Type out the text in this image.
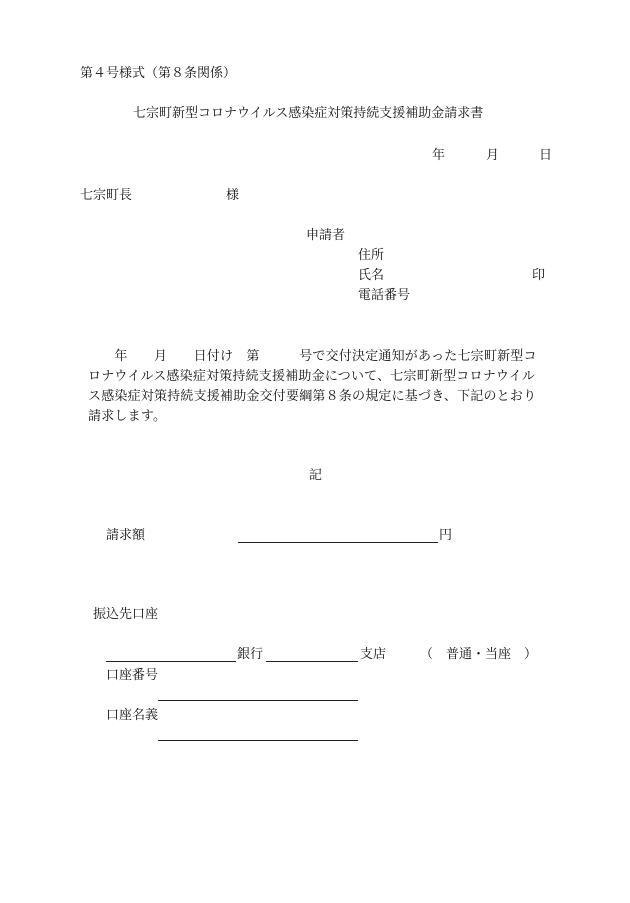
第４号様式（第８条関係）
七宗町新型コロナウイルス感染症対策持続支援補助金請求書
年	月	日
七宗町長	様
申請者
住所
氏名	印
電話番号
　　年　　月　　日付け　第　　　号で交付決定通知があった七宗町新型コ
ロナウイルス感染症対策持続支援補助金について、七宗町新型コロナウイル
ス感染症対策持続支援補助金交付要綱第８条の規定に基づき、下記のとおり
請求します。
記
請求額	円
振込先口座
銀行	支店	（　普通・当座　）
口座番号
口座名義
